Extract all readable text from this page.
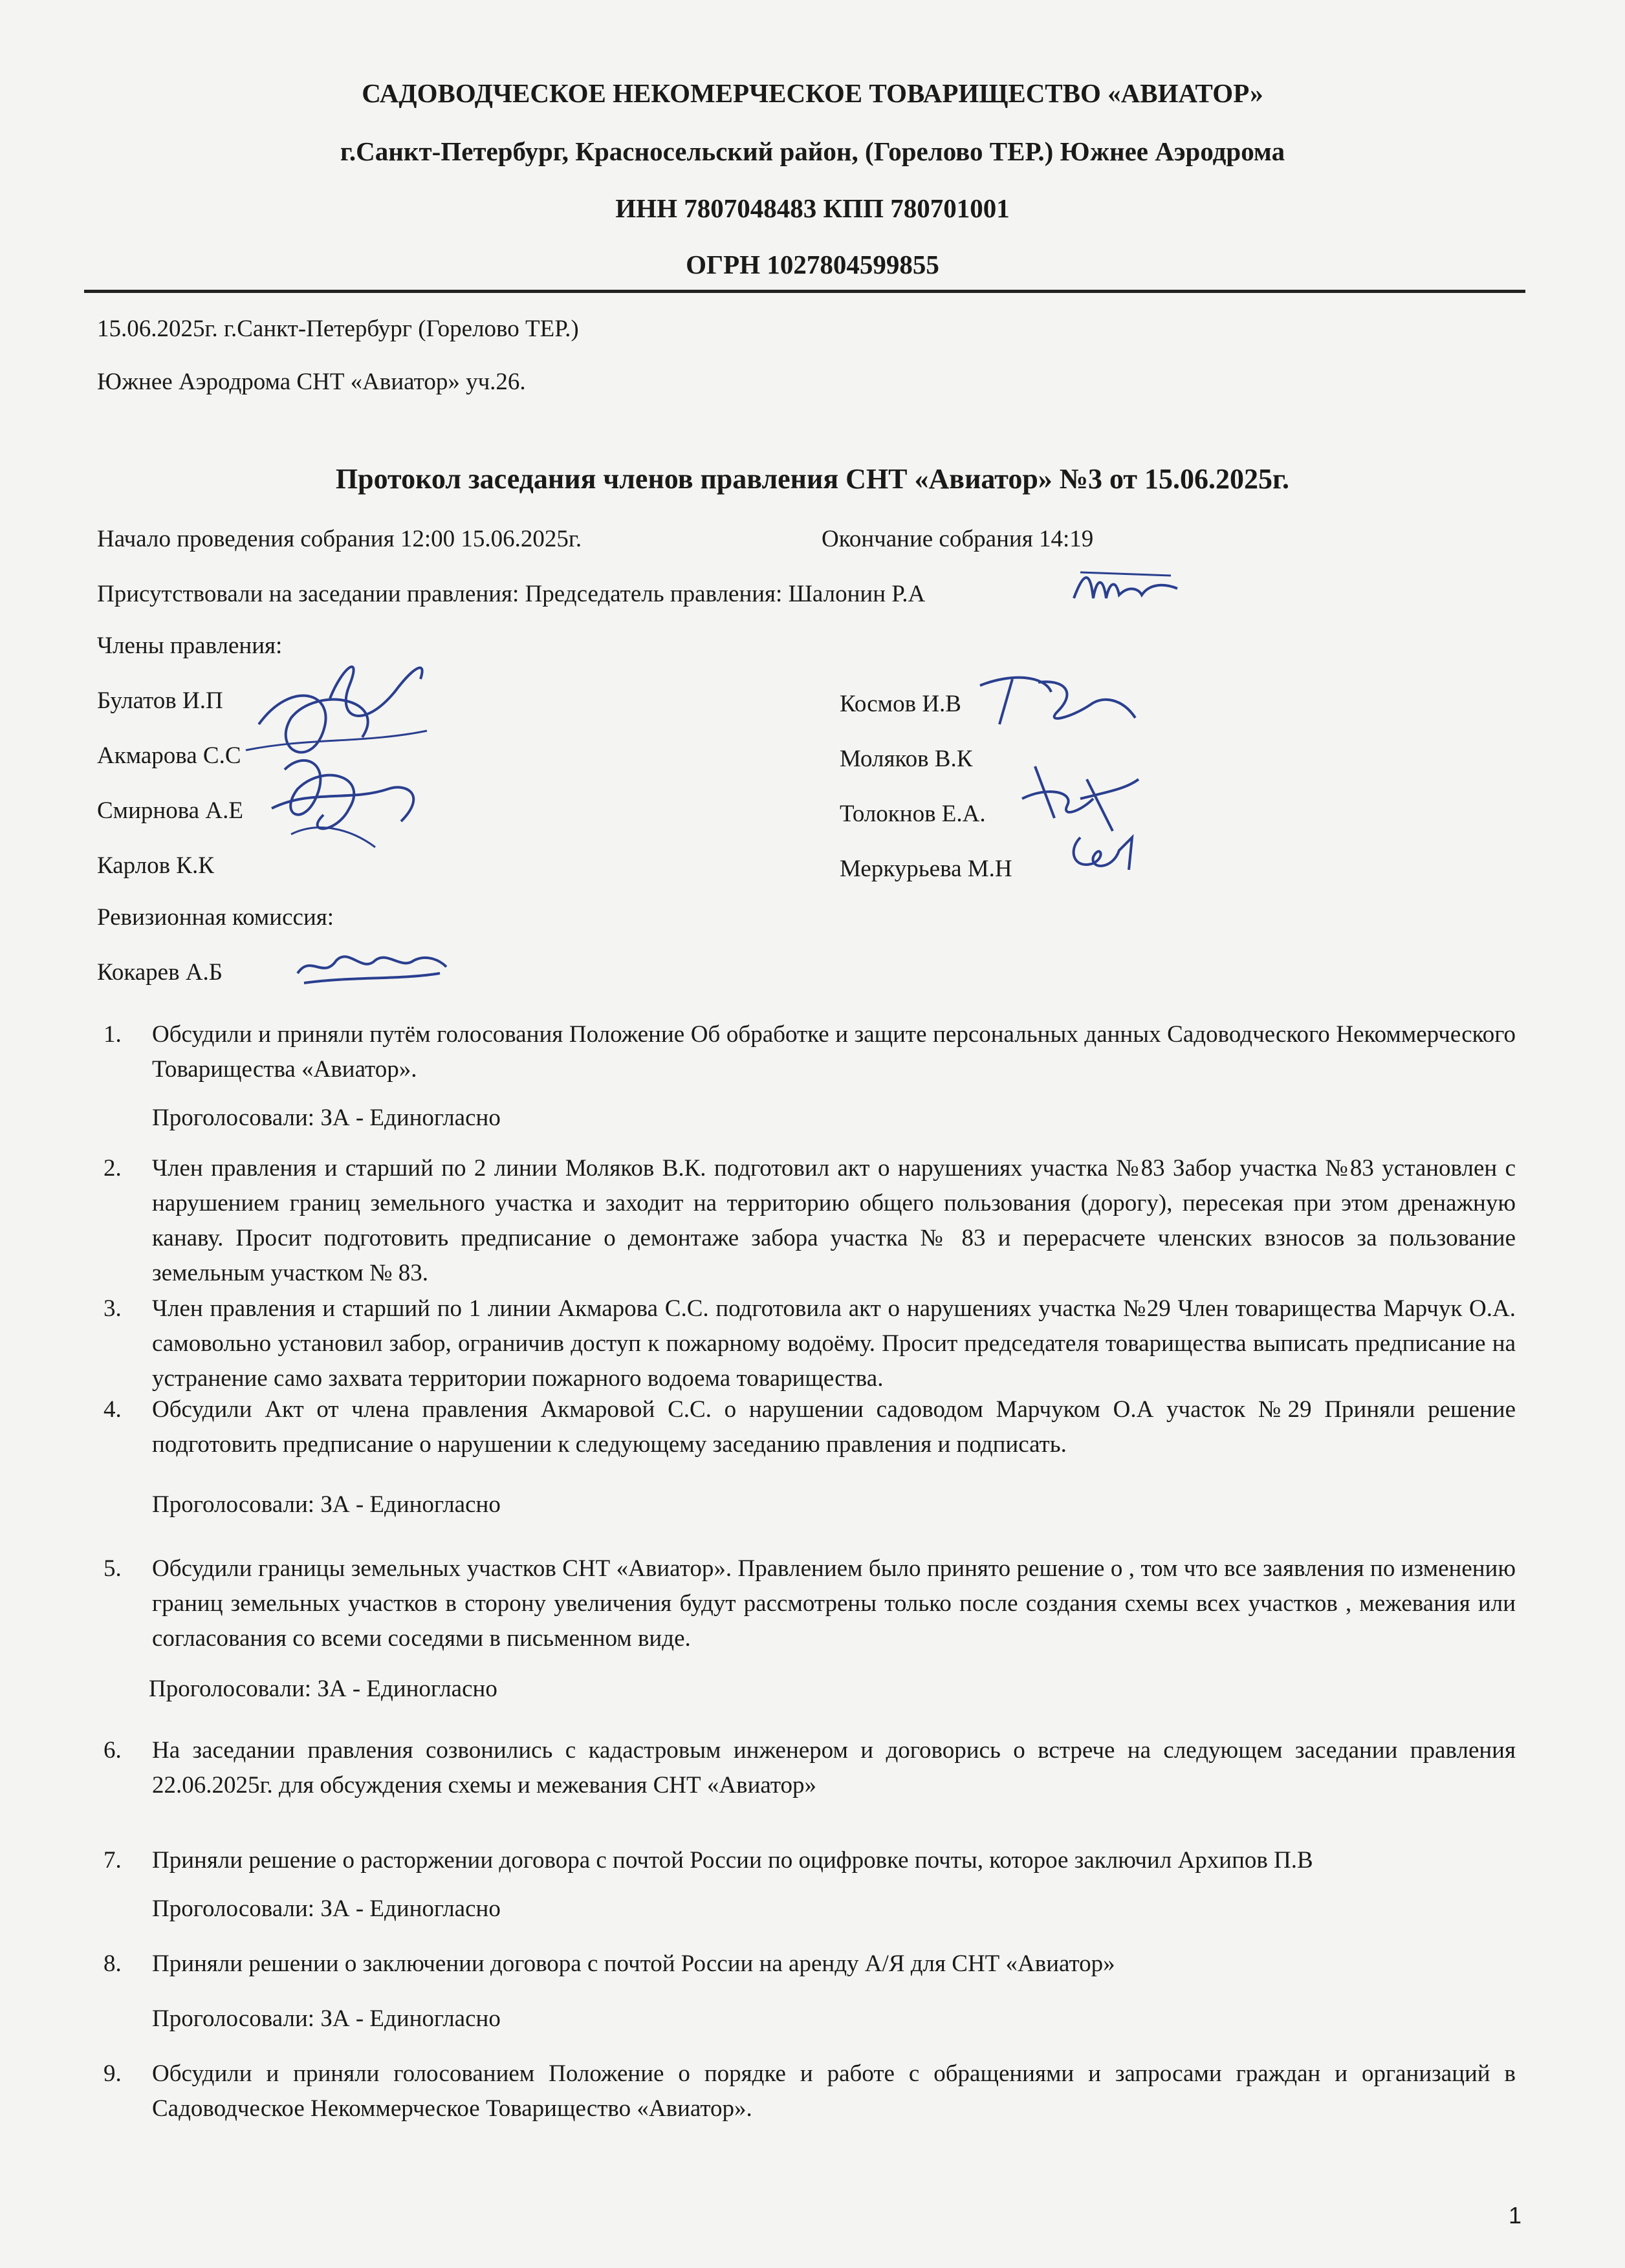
САДОВОДЧЕСКОЕ НЕКОМЕРЧЕСКОЕ ТОВАРИЩЕСТВО «АВИАТОР»
г.Санкт-Петербург, Красносельский район, (Горелово ТЕР.) Южнее Аэродрома
ИНН 7807048483 КПП 780701001
ОГРН 1027804599855
15.06.2025г. г.Санкт-Петербург (Горелово ТЕР.)
Южнее Аэродрома СНТ «Авиатор» уч.26.
Протокол заседания членов правления СНТ «Авиатор» №3 от 15.06.2025г.
Начало проведения собрания 12:00 15.06.2025г.	Окончание собрания 14:19
Присутствовали на заседании правления: Председатель правления: Шалонин Р.А
Члены правления:
Булатов И.П
Акмарова С.С
Смирнова А.Е
Карлов К.К
Космов И.В
Моляков В.К
Толокнов Е.А.
Меркурьева М.Н
Ревизионная комиссия:
Кокарев А.Б
1. Обсудили и приняли путём голосования Положение Об обработке и защите персональных данных Садоводческого Некоммерческого Товарищества «Авиатор».
Проголосовали: ЗА - Единогласно
2. Член правления и старший по 2 линии Моляков В.К. подготовил акт о нарушениях участка №83 Забор участка №83 установлен с нарушением границ земельного участка и заходит на территорию общего пользования (дорогу), пересекая при этом дренажную канаву. Просит подготовить предписание о демонтаже забора участка № 83 и перерасчете членских взносов за пользование земельным участком № 83.
3. Член правления и старший по 1 линии Акмарова С.С. подготовила акт о нарушениях участка №29 Член товарищества Марчук О.А. самовольно установил забор, ограничив доступ к пожарному водоёму. Просит председателя товарищества выписать предписание на устранение само захвата территории пожарного водоема товарищества.
4. Обсудили Акт от члена правления Акмаровой С.С. о нарушении садоводом Марчуком О.А участок №29 Приняли решение подготовить предписание о нарушении к следующему заседанию правления и подписать.
Проголосовали: ЗА - Единогласно
5. Обсудили границы земельных участков СНТ «Авиатор». Правлением было принято решение о , том что все заявления по изменению границ земельных участков в сторону увеличения будут рассмотрены только после создания схемы всех участков , межевания или согласования со всеми соседями в письменном виде.
Проголосовали: ЗА - Единогласно
6. На заседании правления созвонились с кадастровым инженером и договорись о встрече на следующем заседании правления 22.06.2025г. для обсуждения схемы и межевания СНТ «Авиатор»
7. Приняли решение о расторжении договора с почтой России по оцифровке почты, которое заключил Архипов П.В
Проголосовали: ЗА - Единогласно
8. Приняли решении о заключении договора с почтой России на аренду А/Я для СНТ «Авиатор»
Проголосовали: ЗА - Единогласно
9. Обсудили и приняли голосованием Положение о порядке и работе с обращениями и запросами граждан и организаций в Садоводческое Некоммерческое Товарищество «Авиатор».
1
